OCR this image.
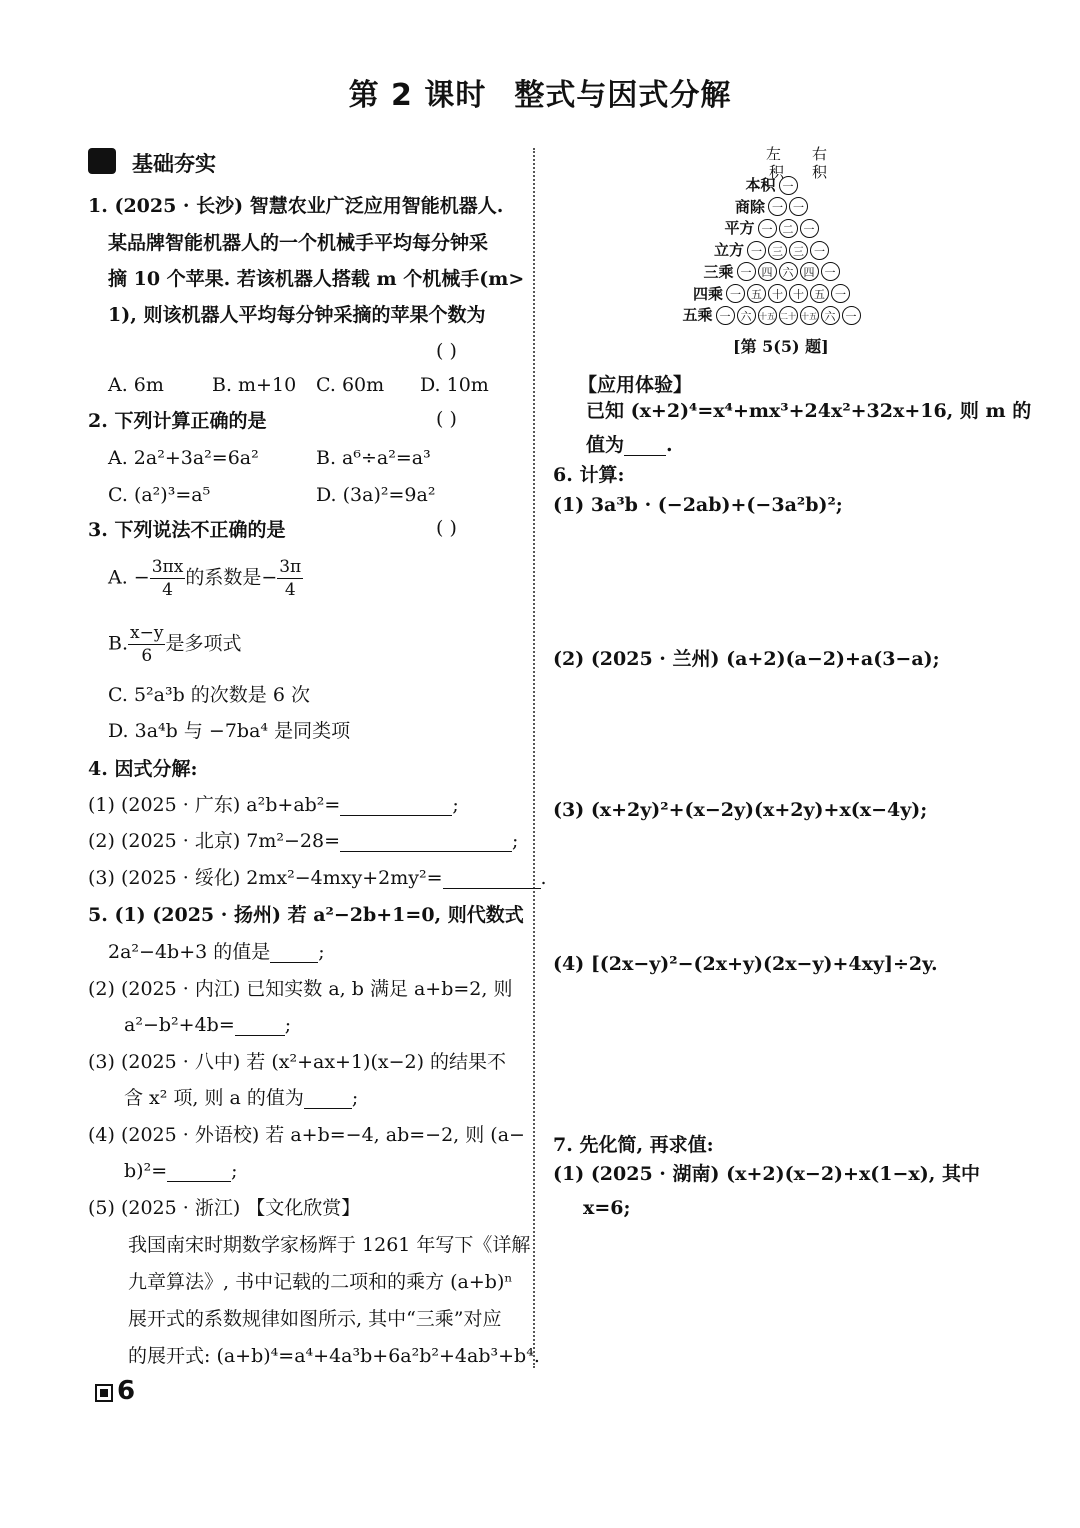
第 2 课时 整式与因式分解
基础夯实
1. (2025 · 长沙) 智慧农业广泛应用智能机器人.
某品牌智能机器人的一个机械手平均每分钟采
摘 10 个苹果. 若该机器人搭载 m 个机械手(m>
1), 则该机器人平均每分钟采摘的苹果个数为
( )
A. 6m	B. m+10 C. 60m D. 10m
2. 下列计算正确的是	( )
A. 2a²+3a²=6a²	B. a⁶÷a²=a³
C. (a²)³=a⁵	D. (3a)²=9a²
3. 下列说法不正确的是	( )
A. − $\frac{3\pi x}{4}$ 的系数是− $\frac{3\pi}{4}$
B. $\frac{x-y}{6}$ 是多项式
C. 5²a³b 的次数是 6 次
D. 3a⁴b 与 −7ba⁴ 是同类项
4. 因式分解:
(1) (2025 · 广东) a²b+ab²=	;
(2) (2025 · 北京) 7m²−28=	;
(3) (2025 · 绥化) 2mx²−4mxy+2my²=	.
5. (1) (2025 · 扬州) 若 a²−2b+1=0, 则代数式
2a²−4b+3 的值是	;
(2) (2025 · 内江) 已知实数 a, b 满足 a+b=2, 则
a²−b²+4b=	;
(3) (2025 · 八中) 若 (x²+ax+1)(x−2) 的结果不
含 x² 项, 则 a 的值为	;
(4) (2025 · 外语校) 若 a+b=−4, ab=−2, 则 (a−
b)²=	;
(5) (2025 · 浙江) 【文化欣赏】
我国南宋时期数学家杨辉于 1261 年写下《详解
九章算法》, 书中记载的二项和的乘方 (a+b)ⁿ
展开式的系数规律如图所示, 其中“三乘”对应
的展开式: (a+b)⁴=a⁴+4a³b+6a²b²+4ab³+b⁴.
6
左 右
积 积
本积 一
商除 一 一
平方 一 二 一
立方 一 三 三 一
三乘 一 四 六 四 一
四乘 一 五 十 十 五 一
五乘 一 六 十五 二十 十五 六 一
[第 5(5) 题]
【应用体验】
已知 (x+2)⁴=x⁴+mx³+24x²+32x+16, 则 m 的
值为 .
6. 计算:
(1) 3a³b · (−2ab)+(−3a²b)²;
(2) (2025 · 兰州) (a+2)(a−2)+a(3−a);
(3) (x+2y)²+(x−2y)(x+2y)+x(x−4y);
(4) [(2x−y)²−(2x+y)(2x−y)+4xy]÷2y.
7. 先化简, 再求值:
(1) (2025 · 湖南) (x+2)(x−2)+x(1−x), 其中
x=6;
